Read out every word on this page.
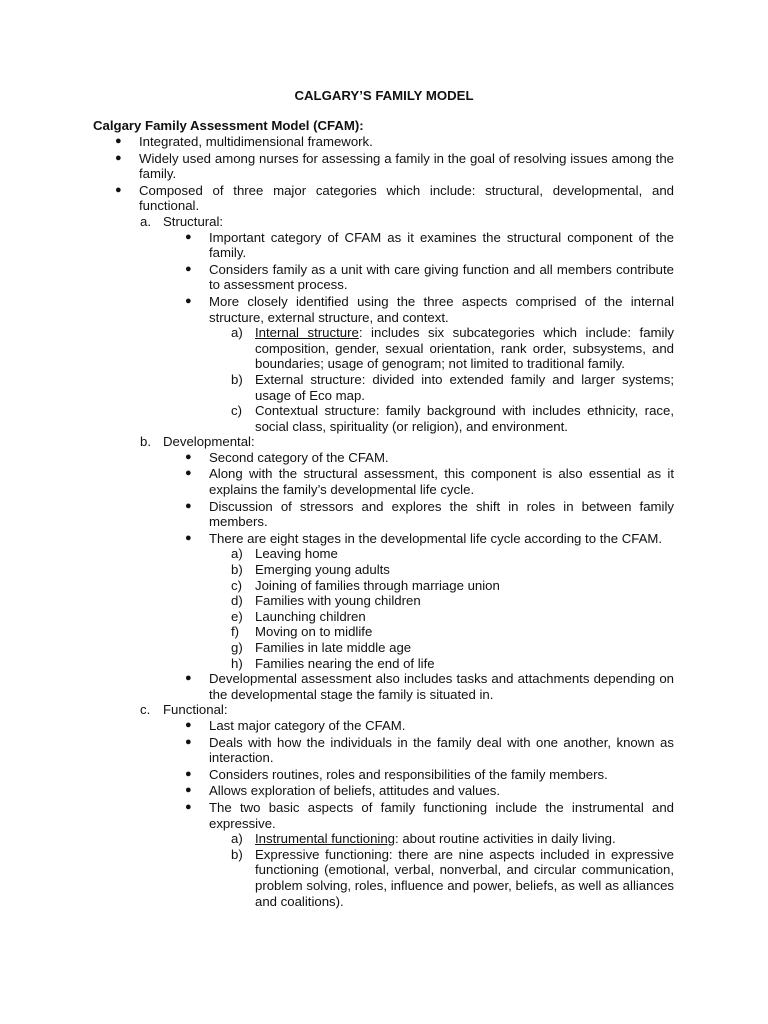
CALGARY’S FAMILY MODEL
Calgary Family Assessment Model (CFAM):
● Integrated, multidimensional framework.
● Widely used among nurses for assessing a family in the goal of resolving issues among the family.
● Composed of three major categories which include: structural, developmental, and functional.
a. Structural:
● Important category of CFAM as it examines the structural component of the family.
● Considers family as a unit with care giving function and all members contribute to assessment process.
● More closely identified using the three aspects comprised of the internal structure, external structure, and context.
a) Internal structure: includes six subcategories which include: family composition, gender, sexual orientation, rank order, subsystems, and boundaries; usage of genogram; not limited to traditional family.
b) External structure: divided into extended family and larger systems; usage of Eco map.
c) Contextual structure: family background with includes ethnicity, race, social class, spirituality (or religion), and environment.
b. Developmental:
● Second category of the CFAM.
● Along with the structural assessment, this component is also essential as it explains the family’s developmental life cycle.
● Discussion of stressors and explores the shift in roles in between family members.
● There are eight stages in the developmental life cycle according to the CFAM.
a) Leaving home
b) Emerging young adults
c) Joining of families through marriage union
d) Families with young children
e) Launching children
f) Moving on to midlife
g) Families in late middle age
h) Families nearing the end of life
● Developmental assessment also includes tasks and attachments depending on the developmental stage the family is situated in.
c. Functional:
● Last major category of the CFAM.
● Deals with how the individuals in the family deal with one another, known as interaction.
● Considers routines, roles and responsibilities of the family members.
● Allows exploration of beliefs, attitudes and values.
● The two basic aspects of family functioning include the instrumental and expressive.
a) Instrumental functioning: about routine activities in daily living.
b) Expressive functioning: there are nine aspects included in expressive functioning (emotional, verbal, nonverbal, and circular communication, problem solving, roles, influence and power, beliefs, as well as alliances and coalitions).
